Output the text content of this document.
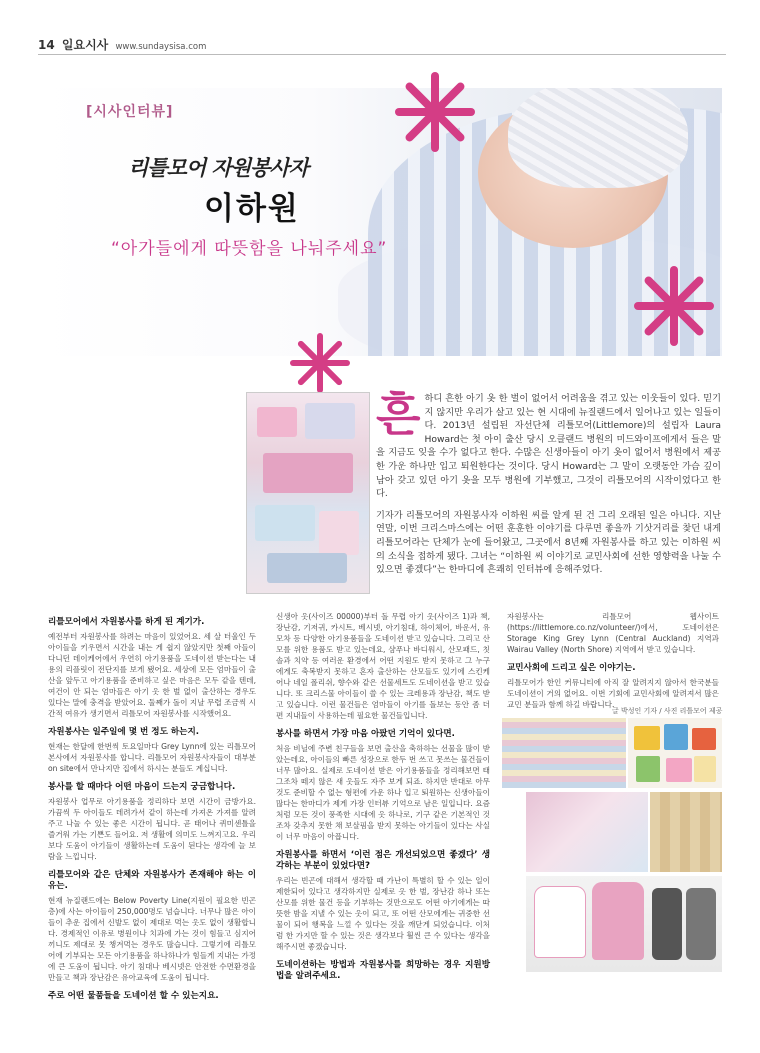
14 일요시사 www.sundaysisa.com
[시사인터뷰]
리틀모어 자원봉사자
이하원
“아가들에게 따뜻함을 나눠주세요”
흔 하디 흔한 아기 옷 한 벌이 없어서 어려움을 겪고 있는 이웃들이 있다. 믿기지 않지만 우리가 살고 있는 현 시대에 뉴질랜드에서 일어나고 있는 일들이다. 2013년 설립된 자선단체 리틀모어(Littlemore)의 설립자 Laura Howard는 첫 아이 출산 당시 오클랜드 병원의 미드와이프에게서 들은 말을 지금도 잊을 수가 없다고 한다. 수많은 신생아들이 아기 옷이 없어서 병원에서 제공한 가운 하나만 입고 퇴원한다는 것이다. 당시 Howard는 그 말이 오랫동안 가슴 깊이 남아 갖고 있던 아기 옷을 모두 병원에 기부했고, 그것이 리틀모어의 시작이었다고 한다.

기자가 리틀모어의 자원봉사자 이하원 씨를 알게 된 건 그리 오래된 일은 아니다. 지난 연말, 이번 크리스마스에는 어떤 훈훈한 이야기를 다루면 좋을까 기삿거리를 찾던 내게 리틀모어라는 단체가 눈에 들어왔고, 그곳에서 8년째 자원봉사를 하고 있는 이하원 씨의 소식을 접하게 됐다. 그녀는 “이하원 씨 이야기로 교민사회에 선한 영향력을 나눌 수 있으면 좋겠다”는 한마디에 흔쾌히 인터뷰에 응해주었다.

리틀모어에서 자원봉사를 하게 된 계기가.

예전부터 자원봉사를 하려는 마음이 있었어요. 세 살 터울인 두 아이들을 키우면서 시간을 내는 게 쉽지 않았지만 첫째 아들이 다니던 데이케어에서 우연히 아기용품을 도네이션 받는다는 내용의 리플릿이 전단지를 보게 됐어요. 세상에 모든 엄마들이 출산을 앞두고 아기용품을 준비하고 싶은 마음은 모두 같을 텐데, 여건이 안 되는 엄마들은 아기 옷 한 벌 없이 출산하는 경우도 있다는 말에 충격을 받았어요. 둘째가 돌이 지날 무렵 조금씩 시간적 여유가 생기면서 리틀모어 자원봉사를 시작했어요.

자원봉사는 일주일에 몇 번 정도 하는지.

현재는 한달에 한번씩 토요일마다 Grey Lynn에 있는 리틀모어 본사에서 자원봉사를 합니다. 리틀모어 자원봉사자들이 대부분 on site에서 만나지만 집에서 하시는 분들도 계십니다.

봉사를 할 때마다 어떤 마음이 드는지 궁금합니다.

자원봉사 업무로 아기용품을 정리하다 보면 시간이 금방가요. 가끔씩 두 아이들도 데려가서 같이 하는데 가져온 가져를 알려주고 나눌 수 있는 좋은 시간이 됩니다. 곧 태어나 퀴미센틀을 즐거워 가는 기쁜도 들어요. 저 생활에 의미도 느껴지고요. 우리보다 도움이 아기들이 생활하는데 도움이 된다는 생각에 늘 보람을 느낍니다.

리틀모어와 같은 단체와 자원봉사가 존재해야 하는 이유는.

현재 뉴질랜드에는 Below Poverty Line(지원이 필요한 빈곤층)에 사는 아이들이 250,000명도 넘습니다. 너무나 많은 아이들이 추운 집에서 신발도 없이 제대로 먹는 옷도 없이 생활합니다. 경제적인 이유로 병원이나 치과에 가는 것이 힘들고 심지어 끼니도 제대로 못 챙겨먹는 경우도 많습니다. 그렇기에 리틀모어에 기부되는 모든 아기용품을 하나하나가 힘들게 지내는 가정에 큰 도움이 됩니다. 아기 침대나 베시넷은 안전한 수면환경을 만들고 책과 장난감은 유아교육에 도움이 됩니다.

주로 어떤 물품들을 도네이션 할 수 있는지요.

신생아 옷(사이즈 00000)부터 돌 무렵 아기 옷(사이즈 1)과 책, 장난감, 기저귀, 카시트, 베시넷, 아기침대, 하이체어, 바운서, 유모차 등 다양한 아기용품들을 도네이션 받고 있습니다. 그리고 산모를 위한 용품도 받고 있는데요, 샴푸나 바디워시, 산모패드, 칫솔과 치약 등 여러운 환경에서 어떤 지원도 받지 못하고 그 누구에게도 축복받지 못하고 혼자 출산하는 산모들도 있기에 스킨케어나 네일 폴리쉬, 향수와 같은 선물세트도 도네이션을 받고 있습니다. 또 크리스물 아이들이 쓸 수 있는 크레용과 장난감, 책도 받고 있습니다. 이런 물건들은 엄마들이 아기를 돌보는 동안 좀 더 편 지내들이 사용하는데 필요한 물건들입니다.

봉사를 하면서 가장 마음 아팠던 기억이 있다면.

처음 비닐에 주변 친구들을 보면 출산을 축하하는 선물을 많이 받았는데요, 아이들의 빠른 성장으로 한두 번 쓰고 못쓰는 물건들이 너무 많아요. 실제로 도네이션 받은 아기용품들을 정리해보면 태그조차 떼지 않은 새 옷들도 자주 보게 되죠. 하지만 반대로 아무것도 준비할 수 없는 형편에 가운 하나 입고 퇴원하는 신생아들이 많다는 한마디가 제게 가장 인터뷰 기억으로 남은 일입니다. 요즘처럼 모든 것이 풍족한 시대에 옷 하나로, 기구 같은 기본적인 것조차 갖추지 못한 채 보살핌을 받지 못하는 아기들이 있다는 사실이 너무 마음이 아픕니다.

자원봉사를 하면서 ‘이런 점은 개선되었으면 좋겠다’ 생각하는 부분이 있었다면?

우리는 빈곤에 대해서 생각할 때 가난이 특별히 할 수 있는 일이 제한되어 있다고 생각하지만 실제로 옷 한 벌, 장난감 하나 또는 산모를 위한 물건 등을 기부하는 것만으로도 어떤 아기에게는 따뜻한 밤을 지낼 수 있는 옷이 되고, 또 어떤 산모에게는 귀중한 선물이 되어 행복을 느낄 수 있다는 것을 깨닫게 되었습니다. 이처럼 한 가지만 할 수 있는 것은 생각보다 훨씬 큰 수 있다는 생각을 해주시면 좋겠습니다.

도네이션하는 방법과 자원봉사를 희망하는 경우 지원방법을 알려주세요.

자원봉사는 리틀모어 웹사이트(https://littlemore.co.nz/volunteer/)에서, 도네이션은 Storage King Grey Lynn (Central Auckland) 지역과 Wairau Valley (North Shore) 지역에서 받고 있습니다.

교민사회에 드리고 싶은 이야기는.

리틀모어가 한인 커뮤니티에 아직 잘 알려지지 않아서 한국분들 도네이션이 거의 없어요. 이번 기회에 교민사회에 알려져서 많은 교민 분들과 함께 하길 바랍니다.

글 박성인 기자 / 사진 리틀모어 제공
